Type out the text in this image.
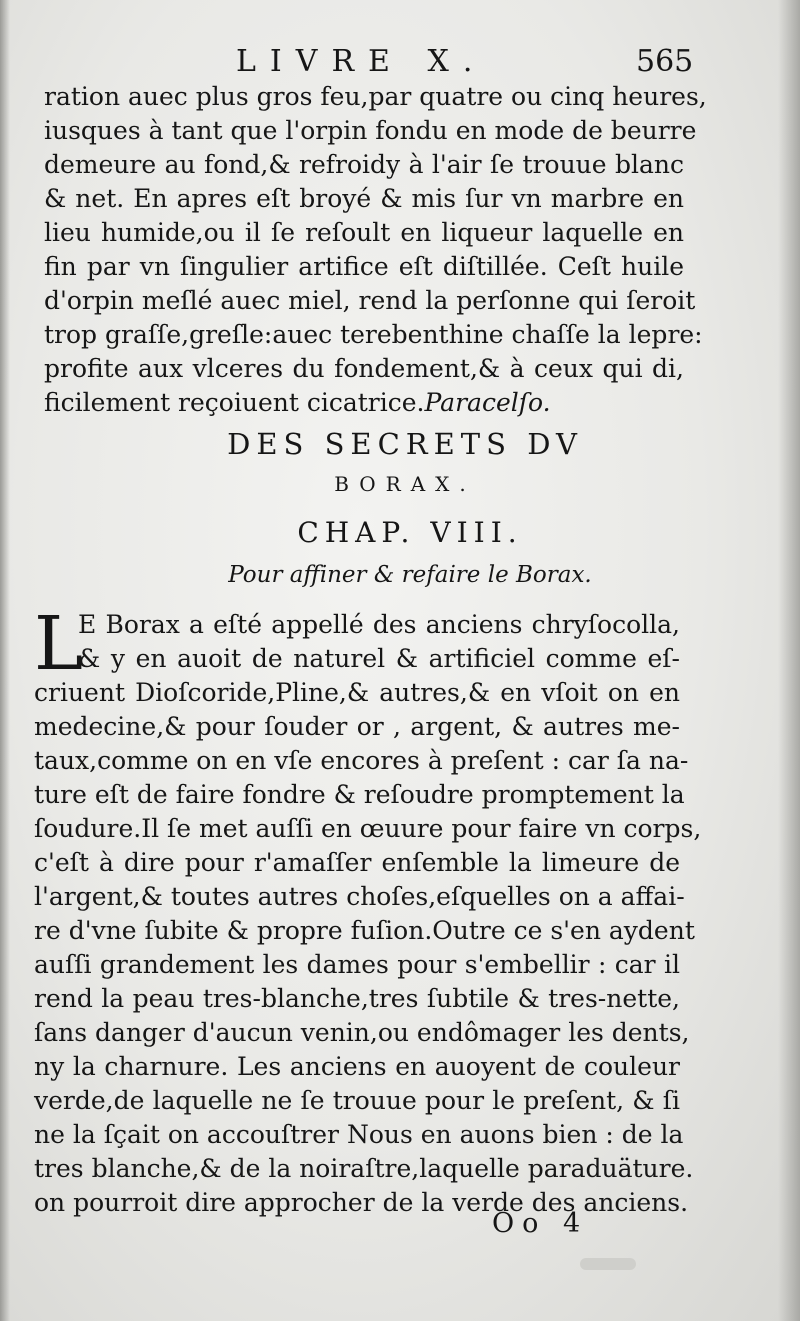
LIVRE X.	565
ration auec plus gros feu,par quatre ou cinq heures,
iusques à tant que l'orpin fondu en mode de beurre
demeure au fond,& refroidy à l'air ſe trouue blanc
& net. En apres eſt broyé & mis ſur vn marbre en
lieu humide,ou il ſe reſoult en liqueur laquelle en
fin par vn ſingulier artifice eſt diſtillée. Ceſt huile
d'orpin meſlé auec miel, rend la perſonne qui ſeroit
trop graſſe,greſle:auec terebenthine chaſſe la lepre:
profite aux vlceres du fondement,& à ceux qui di,
ficilement reçoiuent cicatrice.Paracelſo.
DES SECRETS DV
BORAX.
CHAP. VIII.
Pour affiner & refaire le Borax.
L
E Borax a eſté appellé des anciens chryſocolla,
& y en auoit de naturel & artificiel comme eſ-
criuent Dioſcoride,Pline,& autres,& en vſoit on en
medecine,& pour ſouder or , argent, & autres me-
taux,comme on en vſe encores à preſent : car ſa na-
ture eſt de faire fondre & reſoudre promptement la
ſoudure.Il ſe met auſſi en œuure pour faire vn corps,
c'eſt à dire pour r'amaſſer enſemble la limeure de
l'argent,& toutes autres choſes,eſquelles on a affai-
re d'vne ſubite & propre fuſion.Outre ce s'en aydent
auſſi grandement les dames pour s'embellir : car il
rend la peau tres-blanche,tres ſubtile & tres-nette,
ſans danger d'aucun venin,ou endômager les dents,
ny la charnure. Les anciens en auoyent de couleur
verde,de laquelle ne ſe trouue pour le preſent, & ſi
ne la ſçait on accouſtrer Nous en auons bien : de la
tres blanche,& de la noiraſtre,laquelle paraduäture.
on pourroit dire approcher de la verde des anciens.
Oo 4
